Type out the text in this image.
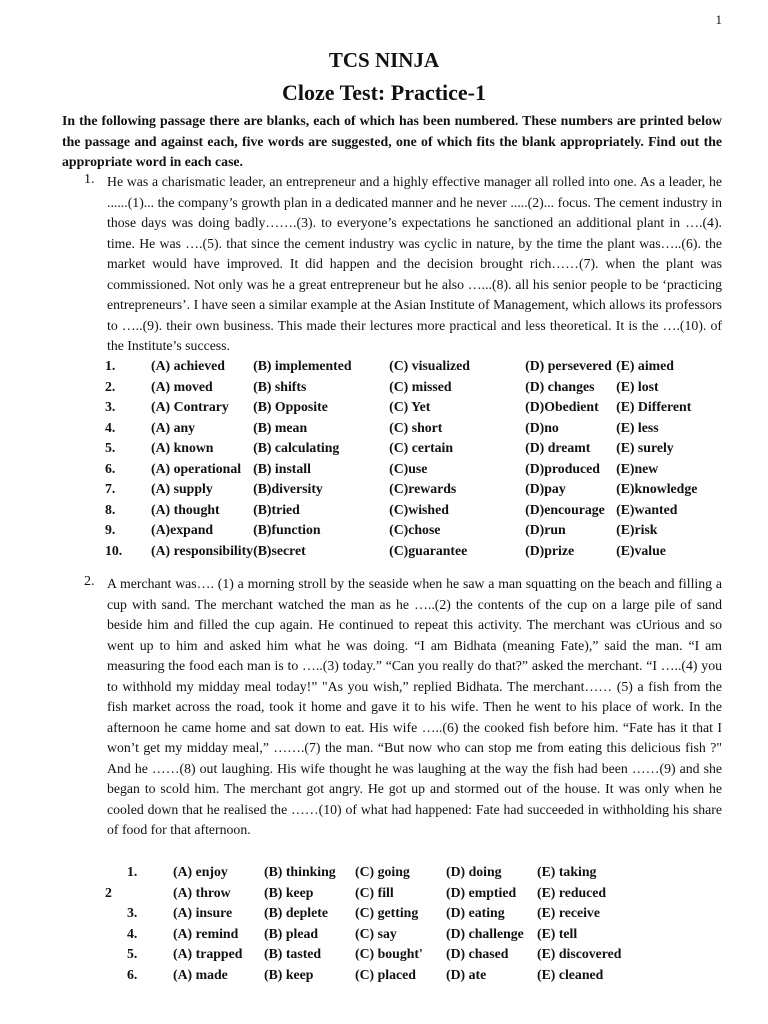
1
TCS NINJA
Cloze Test: Practice-1
In the following passage there are blanks, each of which has been numbered. These numbers are printed below the passage and against each, five words are suggested, one of which fits the blank appropriately. Find out the appropriate word in each case.
1. He was a charismatic leader, an entrepreneur and a highly effective manager all rolled into one. As a leader, he ......(1)... the company’s growth plan in a dedicated manner and he never .....(2)... focus. The cement industry in those days was doing badly…….(3). to everyone’s expectations he sanctioned an additional plant in ….(4). time. He was ….(5). that since the cement industry was cyclic in nature, by the time the plant was…..(6). the market would have improved. It did happen and the decision brought rich……(7). when the plant was commissioned. Not only was he a great entrepreneur but he also …...(8). all his senior people to be ‘practicing entrepreneurs’. I have seen a similar example at the Asian Institute of Management, which allows its professors to …..(9). their own business. This made their lectures more practical and less theoretical. It is the ….(10). of the Institute’s success.
1.	(A) achieved	(B) implemented	(C) visualized	(D) persevered	(E) aimed
2.	(A) moved	(B) shifts	(C) missed	(D) changes	(E) lost
3.	(A) Contrary	(B) Opposite	(C) Yet	(D)Obedient	(E) Different
4.	(A) any	(B) mean	(C) short	(D)no	(E) less
5.	(A) known	(B) calculating	(C) certain	(D) dreamt	(E) surely
6.	(A) operational	(B) install	(C)use	(D)produced	(E)new
7.	(A) supply	(B)diversity	(C)rewards	(D)pay	(E)knowledge
8.	(A) thought	(B)tried	(C)wished	(D)encourage	(E)wanted
9.	(A)expand	(B)function	(C)chose	(D)run	(E)risk
10.	(A) responsibility	(B)secret	(C)guarantee	(D)prize	(E)value
2. A merchant was…. (1) a morning stroll by the seaside when he saw a man squatting on the beach and filling a cup with sand. The merchant watched the man as he …..(2) the contents of the cup on a large pile of sand beside him and filled the cup again. He continued to repeat this activity. The merchant was cUrious and so went up to him and asked him what he was doing. “I am Bidhata (meaning Fate),” said the man. “I am measuring the food each man is to …..(3) today.” “Can you really do that?” asked the merchant. “I …..(4) you to withhold my midday meal today!” "As you wish,” replied Bidhata. The merchant…… (5) a fish from the fish market across the road, took it home and gave it to his wife. Then he went to his place of work. In the afternoon he came home and sat down to eat. His wife …..(6) the cooked fish before him. “Fate has it that I won’t get my midday meal,” …….(7) the man. “But now who can stop me from eating this delicious fish ?" And he ……(8) out laughing. His wife thought he was laughing at the way the fish had been ……(9) and she began to scold him. The merchant got angry. He got up and stormed out of the house. It was only when he cooled down that he realised the ……(10) of what had happened: Fate had succeeded in withholding his share of food for that afternoon.
1.	(A) enjoy	(B) thinking	(C) going	(D) doing	(E) taking
2	(A) throw	(B) keep	(C) fill	(D) emptied	(E) reduced
3.	(A) insure	(B) deplete	(C) getting	(D) eating	(E) receive
4.	(A) remind	(B) plead	(C) say	(D) challenge	(E) tell
5.	(A) trapped	(B) tasted	(C) bought'	(D) chased	(E) discovered
6.	(A) made	(B) keep	(C) placed	(D) ate	(E) cleaned
